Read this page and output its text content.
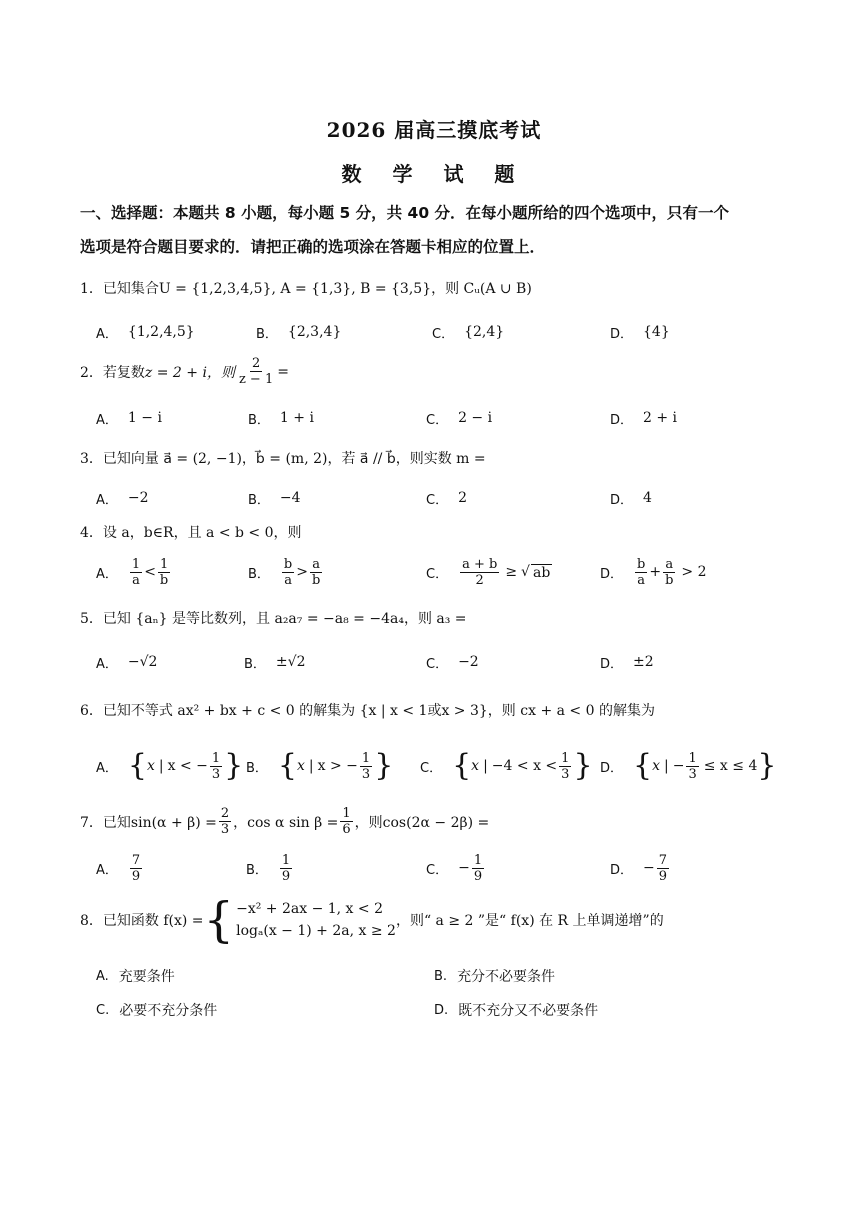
2026 届高三摸底考试
数 学 试 题
一、选择题：本题共 8 小题，每小题 5 分，共 40 分．在每小题所给的四个选项中，只有一个
选项是符合题目要求的．请把正确的选项涂在答题卡相应的位置上．
1．已知集合U = {1,2,3,4,5}, A = {1,3}, B = {3,5}，则 Cᵤ(A ∪ B)
A． {1,2,4,5}	B． {2,3,4}	C． {2,4}	D． {4}
2．若复数 z = 2 + i，则 $\frac{2}{z - 1}$ =
A． 1 − i	B． 1 + i	C． 2 − i	D． 2 + i
3．已知向量 a⃗ = (2, −1)，b⃗ = (m, 2)，若 a⃗ // b⃗，则实数 m =
A． −2	B． −4	C． 2	D． 4
4．设 a，b∈R，且 a < b < 0，则
A． $\frac{1}{a} < \frac{1}{b}$	B． $\frac{b}{a} > \frac{a}{b}$	C． $\frac{a + b}{2}$ ≥ √ ab	D． $\frac{b}{a} + \frac{a}{b} > 2$
5．已知 {aₙ} 是等比数列，且 a₂a₇ = −a₈ = −4a₄，则 a₃ =
A． −√2	B． ±√2	C． −2	D． ±2
6．已知不等式 ax² + bx + c < 0 的解集为 {x | x < 1或x > 3}，则 cx + a < 0 的解集为
A． { x | x < − $\frac{1}{3}$ } B． { x | x > − $\frac{1}{3}$ } C． { x | $-4 < x < \frac{1}{3}$ } D． { x | − $\frac{1}{3} \le x \le 4$ }
7．已知$\sin(\alpha + \beta) = \frac{2}{3}$ ，cos α $\sin \beta = \frac{1}{6}$ ，则cos(2α − 2β) =
A． $\frac{7}{9}$	B． $\frac{1}{9}$	C． − $\frac{1}{9}$	D． − $\frac{7}{9}$
8．已知函数 f(x) = { −x² + 2ax − 1, x < 2
logₐ(x − 1) + 2a, x ≥ 2
，则“ a ≥ 2 ”是“ f(x) 在 R 上单调递增”的
A. 充要条件	B. 充分不必要条件
C. 必要不充分条件	D. 既不充分又不必要条件
